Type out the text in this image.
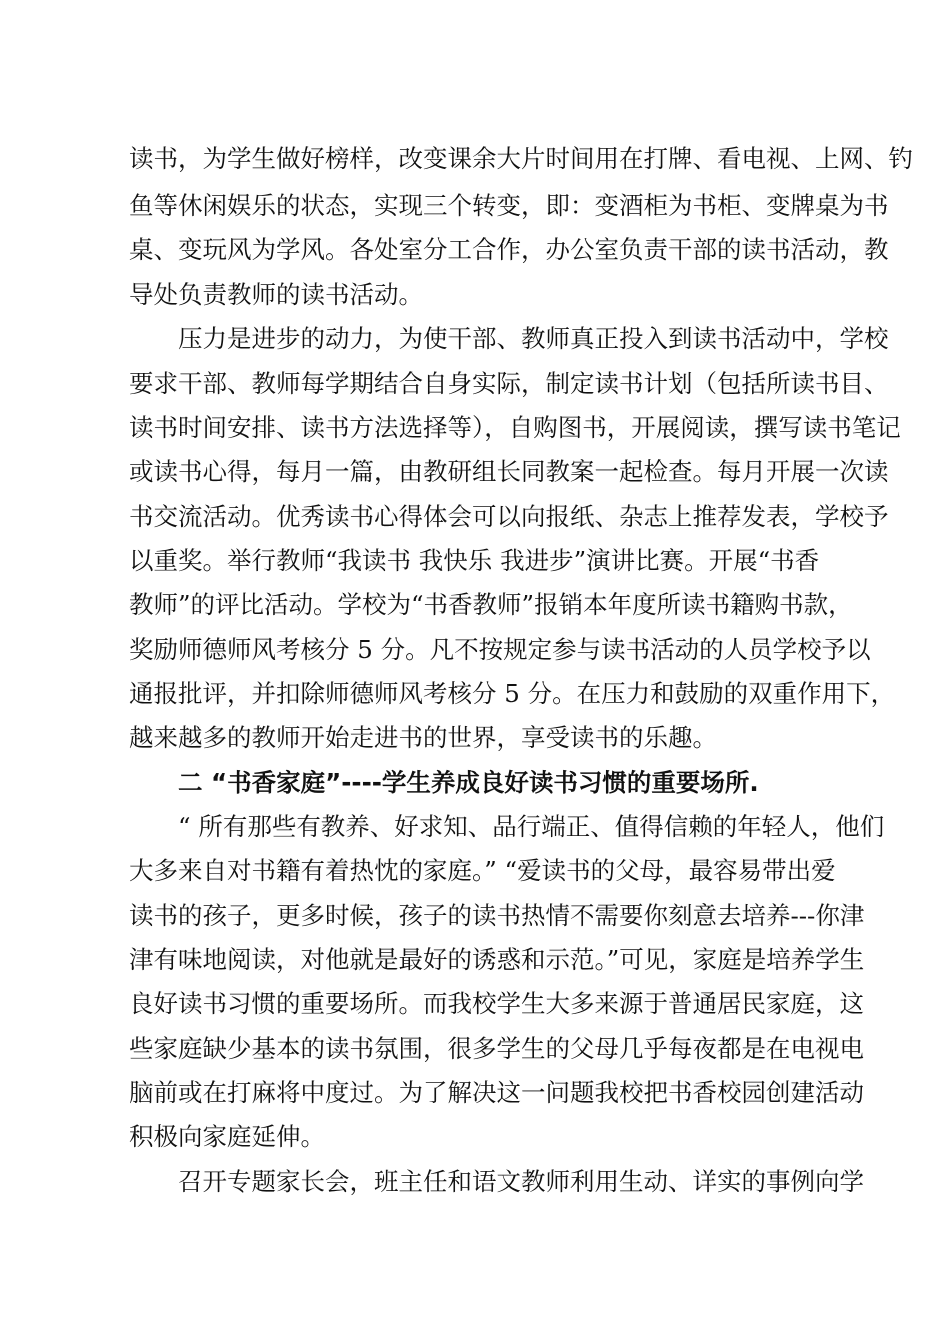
读书，为学生做好榜样，改变课余大片时间用在打牌、看电视、上网、钓
鱼等休闲娱乐的状态，实现三个转变，即：变酒柜为书柜、变牌桌为书
桌、变玩风为学风。各处室分工合作，办公室负责干部的读书活动，教
导处负责教师的读书活动。
压力是进步的动力，为使干部、教师真正投入到读书活动中，学校
要求干部、教师每学期结合自身实际，制定读书计划（包括所读书目、
读书时间安排、读书方法选择等），自购图书，开展阅读，撰写读书笔记
或读书心得，每月一篇，由教研组长同教案一起检查。每月开展一次读
书交流活动。优秀读书心得体会可以向报纸、杂志上推荐发表，学校予
以重奖。举行教师“我读书 我快乐 我进步”演讲比赛。开展“书香
教师”的评比活动。学校为“书香教师”报销本年度所读书籍购书款，
奖励师德师风考核分 5 分。凡不按规定参与读书活动的人员学校予以
通报批评，并扣除师德师风考核分 5 分。在压力和鼓励的双重作用下，
越来越多的教师开始走进书的世界，享受读书的乐趣。
二 “书香家庭”----学生养成良好读书习惯的重要场所.
“ 所有那些有教养、好求知、品行端正、值得信赖的年轻人，他们
大多来自对书籍有着热忱的家庭。” “爱读书的父母，最容易带出爱
读书的孩子，更多时候，孩子的读书热情不需要你刻意去培养---你津
津有味地阅读，对他就是最好的诱惑和示范。”可见，家庭是培养学生
良好读书习惯的重要场所。而我校学生大多来源于普通居民家庭，这
些家庭缺少基本的读书氛围，很多学生的父母几乎每夜都是在电视电
脑前或在打麻将中度过。为了解决这一问题我校把书香校园创建活动
积极向家庭延伸。
召开专题家长会，班主任和语文教师利用生动、详实的事例向学
